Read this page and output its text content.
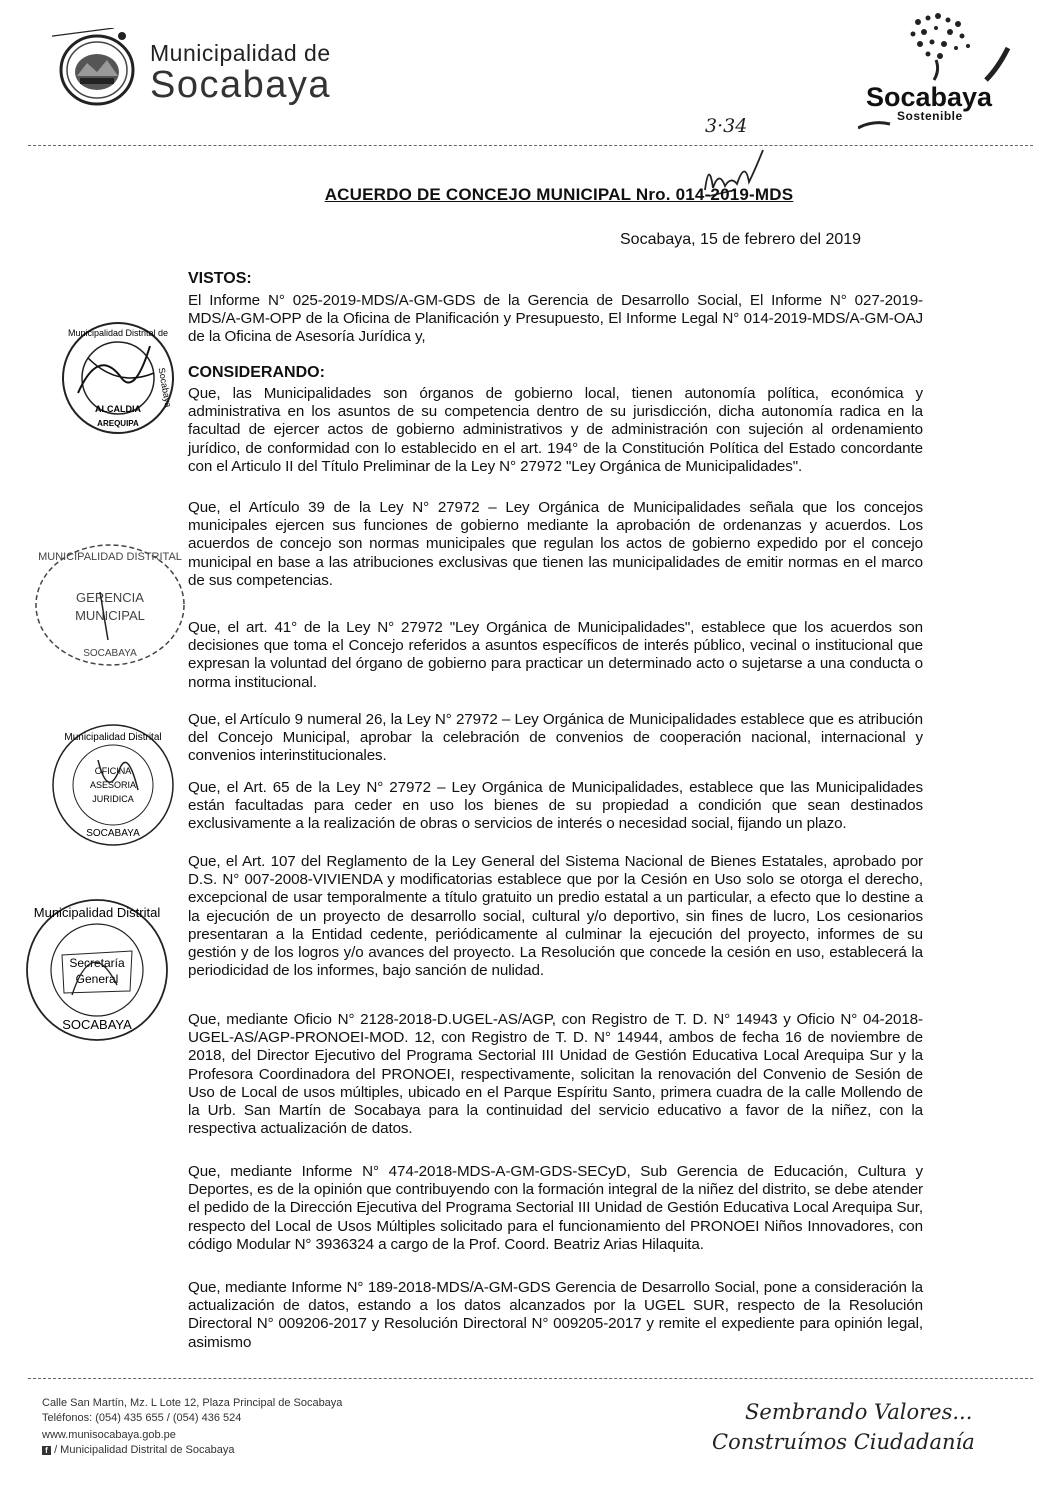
Municipalidad de
Socabaya	Socabaya
Sostenible
3·34
ACUERDO DE CONCEJO MUNICIPAL Nro. 014-2019-MDS
Socabaya, 15 de febrero del 2019
VISTOS:
El Informe N° 025-2019-MDS/A-GM-GDS de la Gerencia de Desarrollo Social, El Informe N° 027-2019-MDS/A-GM-OPP de la Oficina de Planificación y Presupuesto, El Informe Legal N° 014-2019-MDS/A-GM-OAJ de la Oficina de Asesoría Jurídica y,
CONSIDERANDO:
Que, las Municipalidades son órganos de gobierno local, tienen autonomía política, económica y administrativa en los asuntos de su competencia dentro de su jurisdicción, dicha autonomía radica en la facultad de ejercer actos de gobierno administrativos y de administración con sujeción al ordenamiento jurídico, de conformidad con lo establecido en el art. 194° de la Constitución Política del Estado concordante con el Articulo II del Título Preliminar de la Ley N° 27972 "Ley Orgánica de Municipalidades".
Que, el Artículo 39 de la Ley N° 27972 – Ley Orgánica de Municipalidades señala que los concejos municipales ejercen sus funciones de gobierno mediante la aprobación de ordenanzas y acuerdos. Los acuerdos de concejo son normas municipales que regulan los actos de gobierno expedido por el concejo municipal en base a las atribuciones exclusivas que tienen las municipalidades de emitir normas en el marco de sus competencias.
Que, el art. 41° de la Ley N° 27972 "Ley Orgánica de Municipalidades", establece que los acuerdos son decisiones que toma el Concejo referidos a asuntos específicos de interés público, vecinal o institucional que expresan la voluntad del órgano de gobierno para practicar un determinado acto o sujetarse a una conducta o norma institucional.
Que, el Artículo 9 numeral 26, la Ley N° 27972 – Ley Orgánica de Municipalidades establece que es atribución del Concejo Municipal, aprobar la celebración de convenios de cooperación nacional, internacional y convenios interinstitucionales.
Que, el Art. 65 de la Ley N° 27972 – Ley Orgánica de Municipalidades, establece que las Municipalidades están facultadas para ceder en uso los bienes de su propiedad a condición que sean destinados exclusivamente a la realización de obras o servicios de interés o necesidad social, fijando un plazo.
Que, el Art. 107 del Reglamento de la Ley General del Sistema Nacional de Bienes Estatales, aprobado por D.S. N° 007-2008-VIVIENDA y modificatorias establece que por la Cesión en Uso solo se otorga el derecho, excepcional de usar temporalmente a título gratuito un predio estatal a un particular, a efecto que lo destine a la ejecución de un proyecto de desarrollo social, cultural y/o deportivo, sin fines de lucro, Los cesionarios presentaran a la Entidad cedente, periódicamente al culminar la ejecución del proyecto, informes de su gestión y de los logros y/o avances del proyecto. La Resolución que concede la cesión en uso, establecerá la periodicidad de los informes, bajo sanción de nulidad.
Que, mediante Oficio N° 2128-2018-D.UGEL-AS/AGP, con Registro de T. D. N° 14943 y Oficio N° 04-2018-UGEL-AS/AGP-PRONOEI-MOD. 12, con Registro de T. D. N° 14944, ambos de fecha 16 de noviembre de 2018, del Director Ejecutivo del Programa Sectorial III Unidad de Gestión Educativa Local Arequipa Sur y la Profesora Coordinadora del PRONOEI, respectivamente, solicitan la renovación del Convenio de Sesión de Uso de Local de usos múltiples, ubicado en el Parque Espíritu Santo, primera cuadra de la calle Mollendo de la Urb. San Martín de Socabaya para la continuidad del servicio educativo a favor de la niñez, con la respectiva actualización de datos.
Que, mediante Informe N° 474-2018-MDS-A-GM-GDS-SECyD, Sub Gerencia de Educación, Cultura y Deportes, es de la opinión que contribuyendo con la formación integral de la niñez del distrito, se debe atender el pedido de la Dirección Ejecutiva del Programa Sectorial III Unidad de Gestión Educativa Local Arequipa Sur, respecto del Local de Usos Múltiples solicitado para el funcionamiento del PRONOEI Niños Innovadores, con código Modular N° 3936324 a cargo de la Prof. Coord. Beatriz Arias Hilaquita.
Que, mediante Informe N° 189-2018-MDS/A-GM-GDS Gerencia de Desarrollo Social, pone a consideración la actualización de datos, estando a los datos alcanzados por la UGEL SUR, respecto de la Resolución Directoral N° 009206-2017 y Resolución Directoral N° 009205-2017 y remite el expediente para opinión legal, asimismo
Municipalidad Distrital de
Socabaya
ALCALDIA
AREQUIPA
MUNICIPALIDAD DISTRITAL
GERENCIA
MUNICIPAL
SOCABAYA
Municipalidad Distrital
OFICINA
ASESORIA
JURIDICA
SOCABAYA
Municipalidad Distrital
Secretaría
General
SOCABAYA
Calle San Martín, Mz. L Lote 12, Plaza Principal de Socabaya
Teléfonos: (054) 435 655 / (054) 436 524
www.munisocabaya.gob.pe
f / Municipalidad Distrital de Socabaya
Sembrando Valores...
Construímos Ciudadanía
